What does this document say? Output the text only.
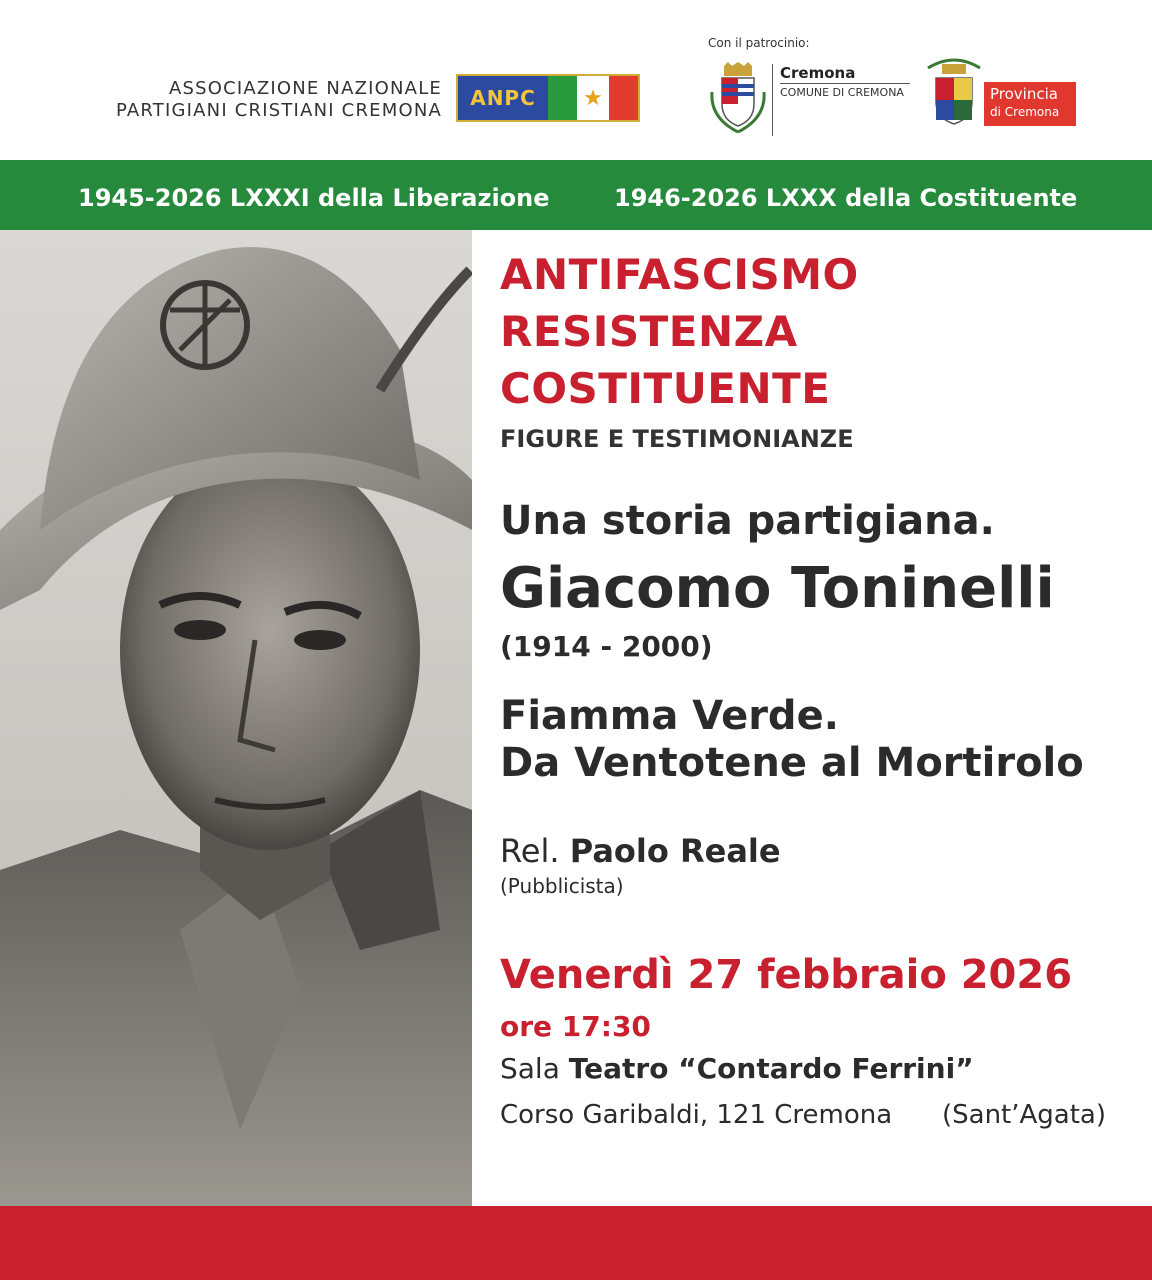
ASSOCIAZIONE NAZIONALE
PARTIGIANI CRISTIANI CREMONA
ANPC	★
Con il patrocinio:
Cremona
COMUNE DI CREMONA	Provincia
di Cremona
1945-2026 LXXXI della Liberazione	1946-2026 LXXX della Costituente
ANTIFASCISMO
RESISTENZA
COSTITUENTE
FIGURE E TESTIMONIANZE
Una storia partigiana.
Giacomo Toninelli
(1914 - 2000)
Fiamma Verde.
Da Ventotene al Mortirolo
Rel. Paolo Reale
(Pubblicista)
Venerdì 27 febbraio 2026
ore 17:30
Sala Teatro “Contardo Ferrini”
Corso Garibaldi, 121 Cremona (Sant’Agata)
